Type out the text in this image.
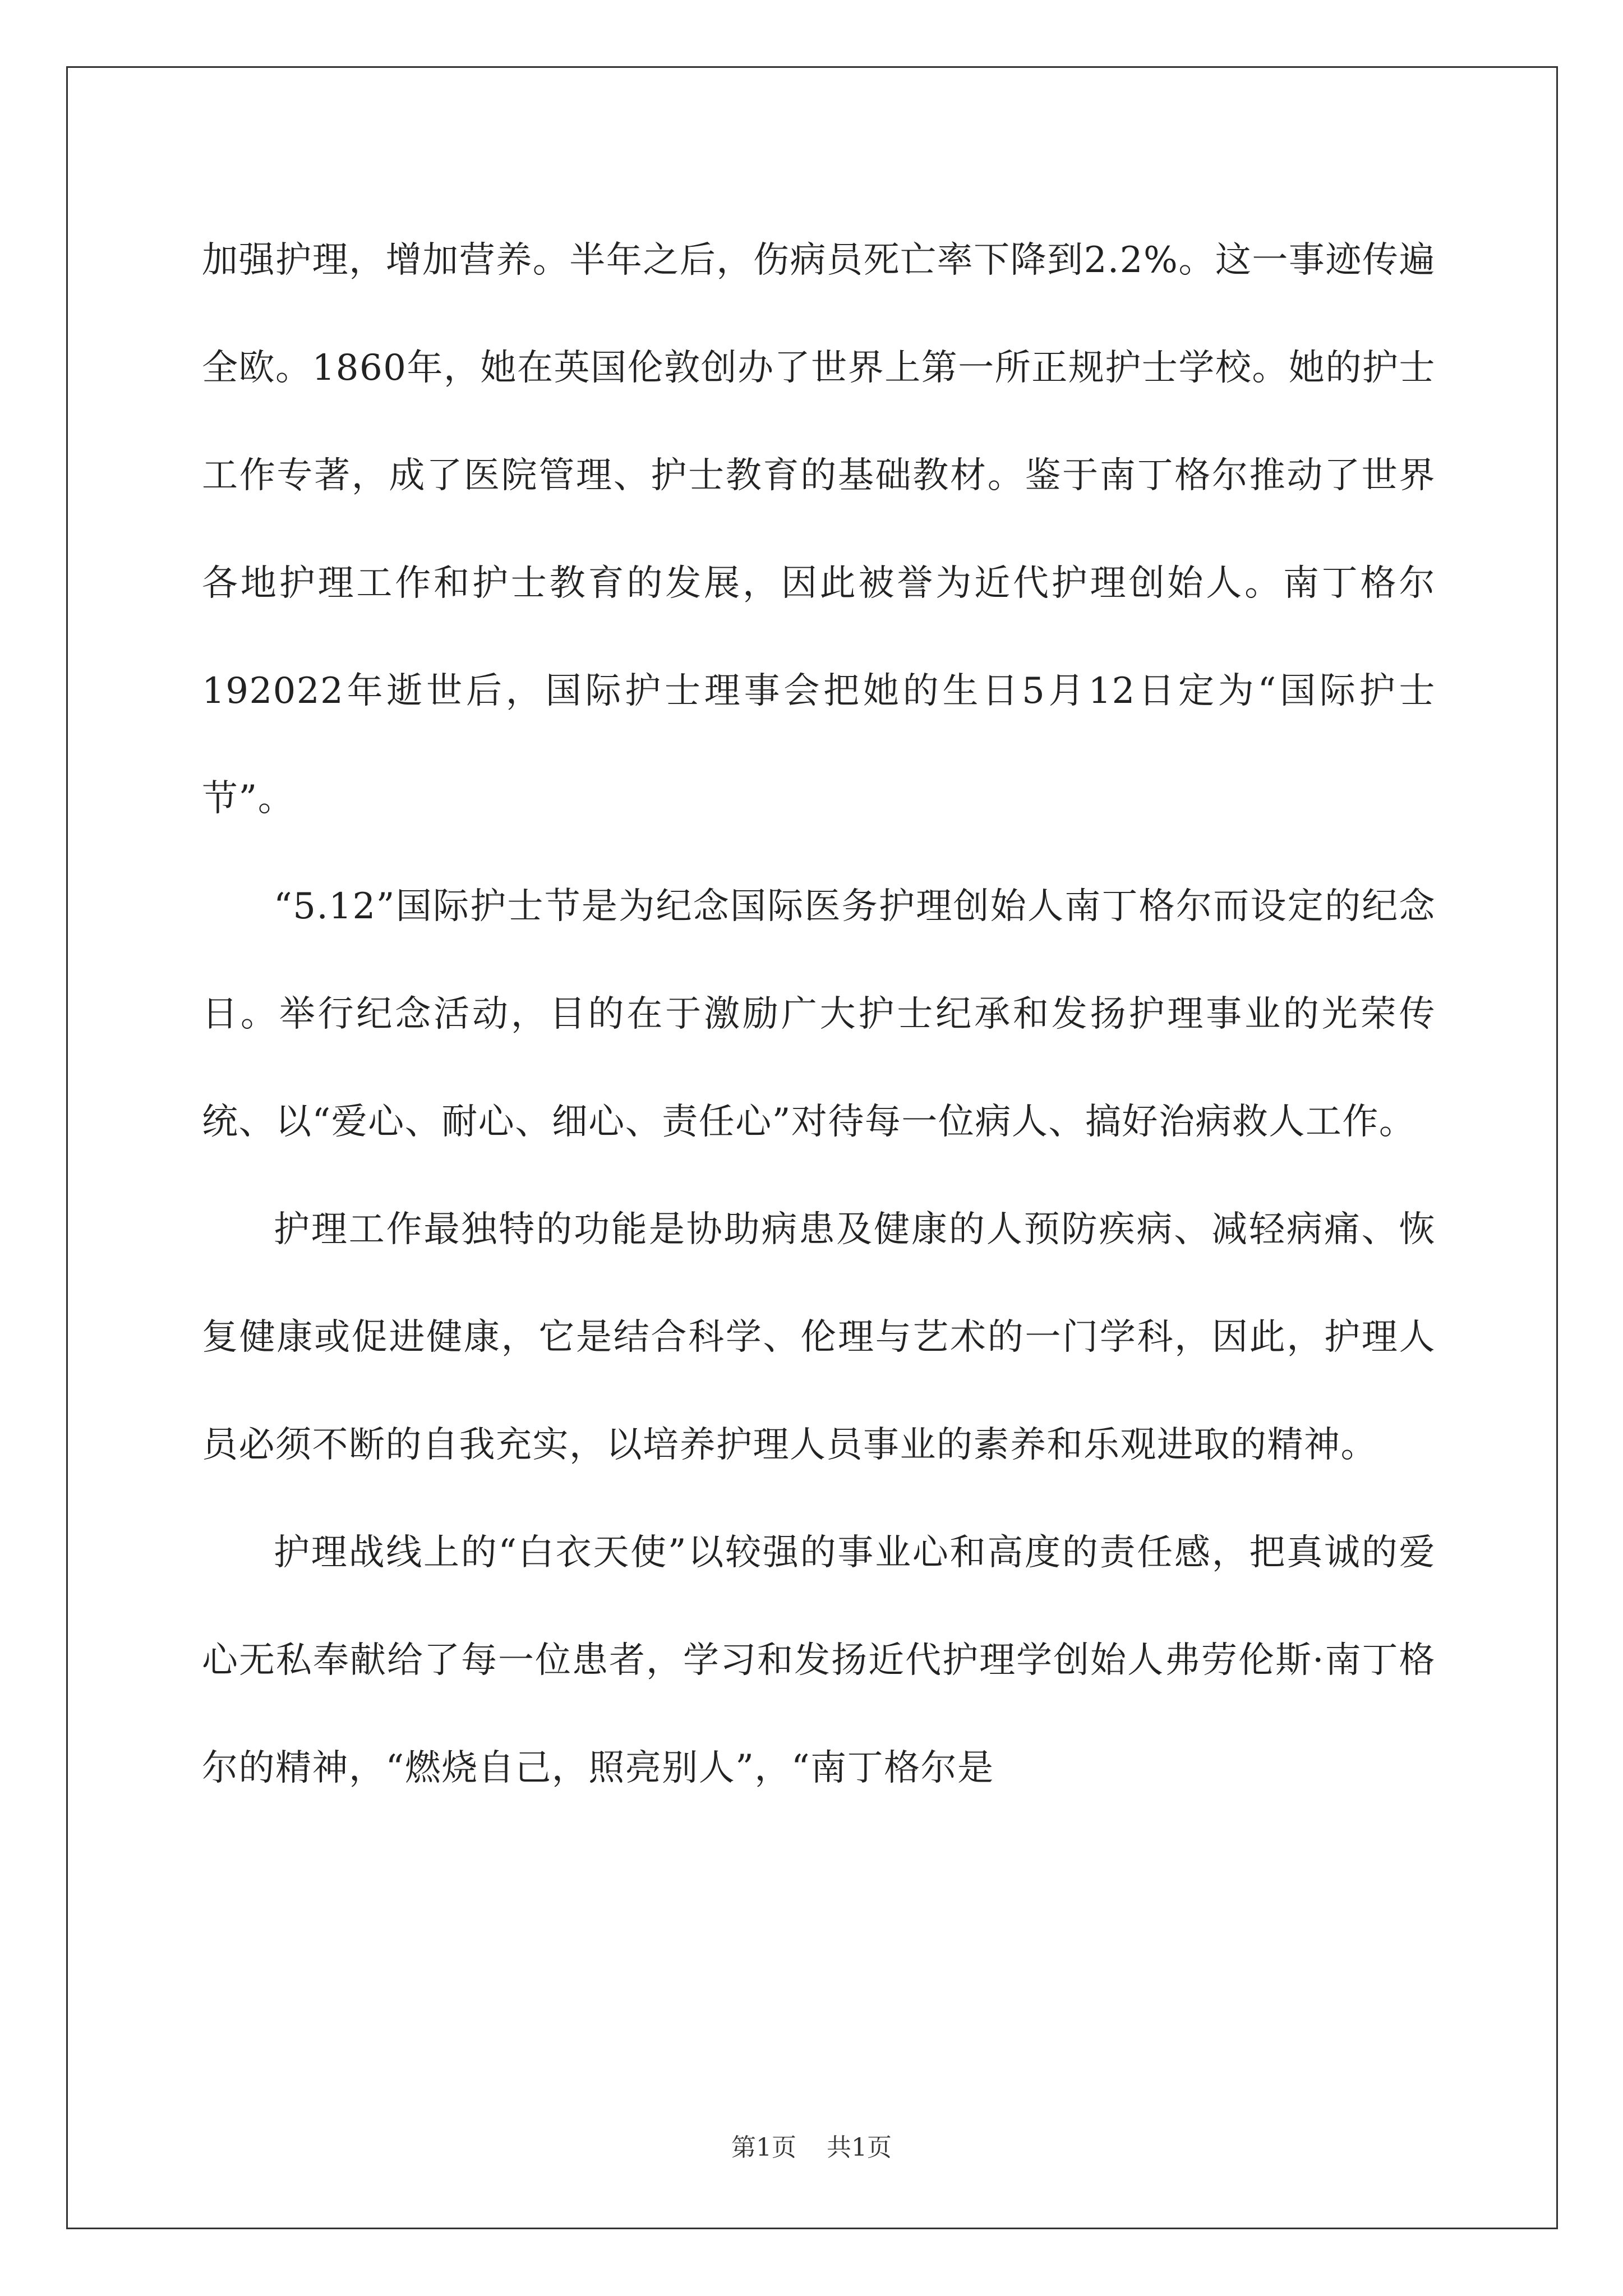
加强护理，增加营养。半年之后，伤病员死亡率下降到2.2%。这一事迹传遍全欧。1860年，她在英国伦敦创办了世界上第一所正规护士学校。她的护士工作专著，成了医院管理、护士教育的基础教材。鉴于南丁格尔推动了世界各地护理工作和护士教育的发展，因此被誉为近代护理创始人。南丁格尔192022年逝世后，国际护士理事会把她的生日5月12日定为“国际护士节”。

“5.12”国际护士节是为纪念国际医务护理创始人南丁格尔而设定的纪念日。举行纪念活动，目的在于激励广大护士纪承和发扬护理事业的光荣传统、以“爱心、耐心、细心、责任心”对待每一位病人、搞好治病救人工作。

护理工作最独特的功能是协助病患及健康的人预防疾病、减轻病痛、恢复健康或促进健康，它是结合科学、伦理与艺术的一门学科，因此，护理人员必须不断的自我充实，以培养护理人员事业的素养和乐观进取的精神。

护理战线上的“白衣天使”以较强的事业心和高度的责任感，把真诚的爱心无私奉献给了每一位患者，学习和发扬近代护理学创始人弗劳伦斯·南丁格尔的精神，“燃烧自己，照亮别人”，“南丁格尔是

第1页 共1页
